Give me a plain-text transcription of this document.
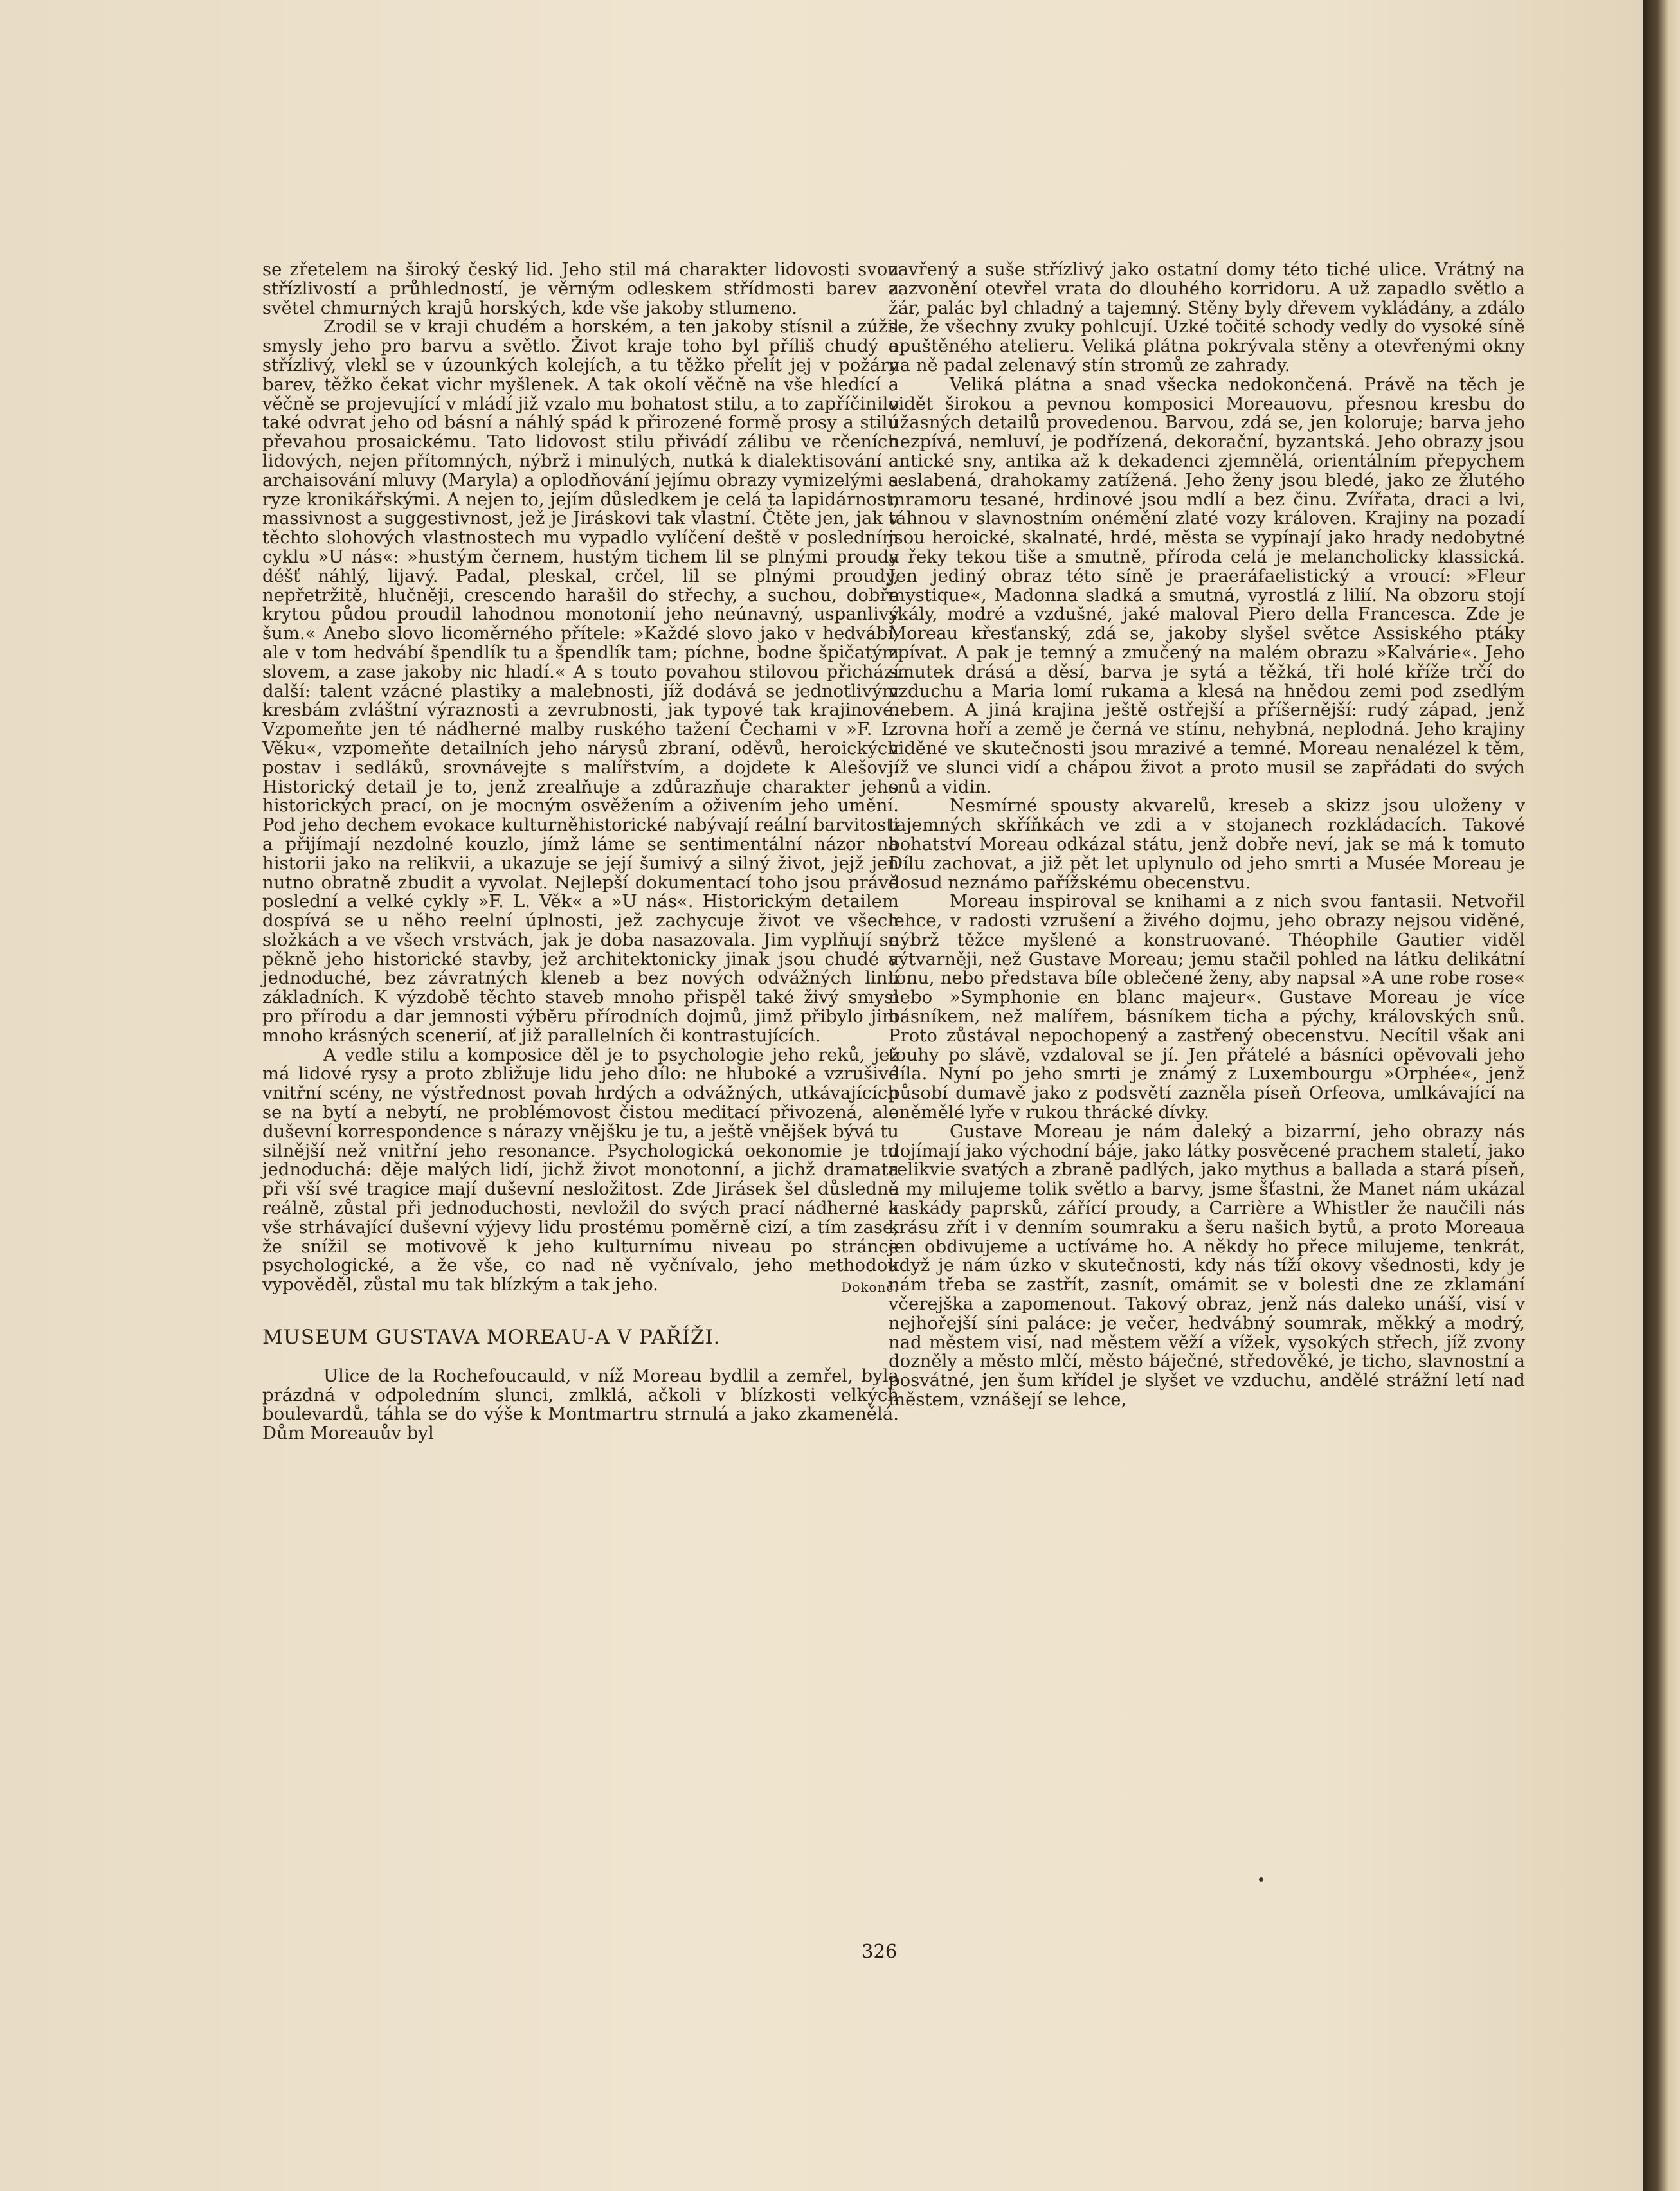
se zřetelem na široký český lid. Jeho stil má charakter lidovosti svou střízlivostí a průhledností, je věrným odleskem střídmosti barev a světel chmurných krajů horských, kde vše jakoby stlumeno.

Zrodil se v kraji chudém a horském, a ten jakoby stísnil a zúžil smysly jeho pro barvu a světlo. Život kraje toho byl příliš chudý a střízlivý, vlekl se v úzounkých kolejích, a tu těžko přelít jej v požáry barev, těžko čekat vichr myšlenek. A tak okolí věčně na vše hledící a věčně se projevující v mládí již vzalo mu bohatost stilu, a to zapříčinilo také odvrat jeho od básní a náhlý spád k přirozené formě prosy a stilu převahou prosaickému. Tato lidovost stilu přivádí zálibu ve rčeních lidových, nejen přítomných, nýbrž i minulých, nutká k dialektisování a archaisování mluvy (Maryla) a oplodňování jejímu obrazy vymizelými a ryze kronikářskými. A nejen to, jejím důsledkem je celá ta lapidárnost, massivnost a suggestivnost, jež je Jiráskovi tak vlastní. Čtěte jen, jak v těchto slohových vlastnostech mu vypadlo vylíčení deště v posledním cyklu »U nás«: »hustým černem, hustým tichem lil se plnými proudy déšť náhlý, lijavý. Padal, pleskal, crčel, lil se plnými proudy, nepřetržitě, hlučněji, crescendo harašil do střechy, a suchou, dobře krytou půdou proudil lahodnou monotonií jeho neúnavný, uspanlivý šum.« Anebo slovo licoměrného přítele: »Každé slovo jako v hedvábí, ale v tom hedvábí špendlík tu a špendlík tam; píchne, bodne špičatým slovem, a zase jakoby nic hladí.« A s touto povahou stilovou přichází další: talent vzácné plastiky a malebnosti, jíž dodává se jednotlivým kresbám zvláštní výraznosti a zevrubnosti, jak typové tak krajinové. Vzpomeňte jen té nádherné malby ruského tažení Čechami v »F. L. Věku«, vzpomeňte detailních jeho nárysů zbraní, oděvů, heroických postav i sedláků, srovnávejte s malířstvím, a dojdete k Alešovi. Historický detail je to, jenž zrealňuje a zdůrazňuje charakter jeho historických prací, on je mocným osvěžením a oživením jeho umění. Pod jeho dechem evokace kulturněhistorické nabývají reální barvitosti a přijímají nezdolné kouzlo, jímž láme se sentimentální názor na historii jako na relikvii, a ukazuje se její šumivý a silný život, jejž jen nutno obratně zbudit a vyvolat. Nejlepší dokumentací toho jsou právě poslední a velké cykly »F. L. Věk« a »U nás«. Historickým detailem dospívá se u něho reelní úplnosti, jež zachycuje život ve všech složkách a ve všech vrstvách, jak je doba nasazovala. Jim vyplňují se pěkně jeho historické stavby, jež architektonicky jinak jsou chudé a jednoduché, bez závratných kleneb a bez nových odvážných linií základních. K výzdobě těchto staveb mnoho přispěl také živý smysl pro přírodu a dar jemnosti výběru přírodních dojmů, jimž přibylo jim mnoho krásných scenerií, ať již parallelních či kontrastujících.

A vedle stilu a komposice děl je to psychologie jeho reků, jež má lidové rysy a proto zbližuje lidu jeho dílo: ne hluboké a vzrušivé vnitřní scény, ne výstřednost povah hrdých a odvážných, utkávajících se na bytí a nebytí, ne problémovost čistou meditací přivozená, ale duševní korrespondence s nárazy vnějšku je tu, a ještě vnějšek bývá tu silnější než vnitřní jeho resonance. Psychologická oekonomie je tu jednoduchá: děje malých lidí, jichž život monotonní, a jichž dramata při vší své tragice mají duševní nesložitost. Zde Jirásek šel důsledně reálně, zůstal při jednoduchosti, nevložil do svých prací nádherné a vše strhávající duševní výjevy lidu prostému poměrně cizí, a tím zase, že snížil se motivově k jeho kulturnímu niveau po stránce psychologické, a že vše, co nad ně vyčnívalo, jeho methodou vypověděl, zůstal mu tak blízkým a tak jeho.	Dokonč.

MUSEUM GUSTAVA MOREAU-A V PAŘÍŽI.

Ulice de la Rochefoucauld, v níž Moreau bydlil a zemřel, byla prázdná v odpoledním slunci, zmlklá, ačkoli v blízkosti velkých boulevardů, táhla se do výše k Montmartru strnulá a jako zkamenělá. Dům Moreauův byl

zavřený a suše střízlivý jako ostatní domy této tiché ulice. Vrátný na zazvonění otevřel vrata do dlouhého korridoru. A už zapadlo světlo a žár, palác byl chladný a tajemný. Stěny byly dřevem vykládány, a zdálo se, že všechny zvuky pohlcují. Úzké točité schody vedly do vysoké síně opuštěného atelieru. Veliká plátna pokrývala stěny a otevřenými okny na ně padal zelenavý stín stromů ze zahrady.

Veliká plátna a snad všecka nedokončená. Právě na těch je vidět širokou a pevnou komposici Moreauovu, přesnou kresbu do úžasných detailů provedenou. Barvou, zdá se, jen koloruje; barva jeho nezpívá, nemluví, je podřízená, dekorační, byzantská. Jeho obrazy jsou antické sny, antika až k dekadenci zjemnělá, orientálním přepychem seslabená, drahokamy zatížená. Jeho ženy jsou bledé, jako ze žlutého mramoru tesané, hrdinové jsou mdlí a bez činu. Zvířata, draci a lvi, táhnou v slavnostním onémění zlaté vozy královen. Krajiny na pozadí jsou heroické, skalnaté, hrdé, města se vypínají jako hrady nedobytné a řeky tekou tiše a smutně, příroda celá je melancholicky klassická. Jen jediný obraz této síně je praeráfaelistický a vroucí: »Fleur mystique«, Madonna sladká a smutná, vyrostlá z lilií. Na obzoru stojí skály, modré a vzdušné, jaké maloval Piero della Francesca. Zde je Moreau křesťanský, zdá se, jakoby slyšel světce Assiského ptáky zpívat. A pak je temný a zmučený na malém obrazu »Kalvárie«. Jeho smutek drásá a děsí, barva je sytá a těžká, tři holé kříže trčí do vzduchu a Maria lomí rukama a klesá na hnědou zemi pod zsedlým nebem. A jiná krajina ještě ostřejší a příšernější: rudý západ, jenž zrovna hoří a země je černá ve stínu, nehybná, neplodná. Jeho krajiny viděné ve skutečnosti jsou mrazivé a temné. Moreau nenalézel k těm, jíž ve slunci vidí a chápou život a proto musil se zapřádati do svých snů a vidin.

Nesmírné spousty akvarelů, kreseb a skizz jsou uloženy v tajemných skříňkách ve zdi a v stojanech rozkládacích. Takové bohatství Moreau odkázal státu, jenž dobře neví, jak se má k tomuto Dílu zachovat, a již pět let uplynulo od jeho smrti a Musée Moreau je dosud neznámo pařížskému obecenstvu.

Moreau inspiroval se knihami a z nich svou fantasii. Netvořil lehce, v radosti vzrušení a živého dojmu, jeho obrazy nejsou viděné, nýbrž těžce myšlené a konstruované. Théophile Gautier viděl výtvarněji, než Gustave Moreau; jemu stačil pohled na látku delikátní tonu, nebo představa bíle oblečené ženy, aby napsal »A une robe rose« nebo »Symphonie en blanc majeur«. Gustave Moreau je více básníkem, než malířem, básníkem ticha a pýchy, královských snů. Proto zůstával nepochopený a zastřený obecenstvu. Necítil však ani touhy po slávě, vzdaloval se jí. Jen přátelé a básníci opěvovali jeho díla. Nyní po jeho smrti je známý z Luxembourgu »Orphée«, jenž působí dumavě jako z podsvětí zazněla píseň Orfeova, umlkávající na oněmělé lyře v rukou thrácké dívky.

Gustave Moreau je nám daleký a bizarrní, jeho obrazy nás dojímají jako východní báje, jako látky posvěcené prachem staletí, jako relikvie svatých a zbraně padlých, jako mythus a ballada a stará píseň, a my milujeme tolik světlo a barvy, jsme šťastni, že Manet nám ukázal kaskády paprsků, zářící proudy, a Carrière a Whistler že naučili nás krásu zřít i v denním soumraku a šeru našich bytů, a proto Moreaua jen obdivujeme a uctíváme ho. A někdy ho přece milujeme, tenkrát, když je nám úzko v skutečnosti, kdy nás tíží okovy všednosti, kdy je nám třeba se zastřít, zasnít, omámit se v bolesti dne ze zklamání včerejška a zapomenout. Takový obraz, jenž nás daleko unáší, visí v nejhořejší síni paláce: je večer, hedvábný soumrak, měkký a modrý, nad městem visí, nad městem věží a vížek, vysokých střech, jíž zvony dozněly a město mlčí, město báječné, středověké, je ticho, slavnostní a posvátné, jen šum křídel je slyšet ve vzduchu, andělé strážní letí nad městem, vznášejí se lehce,

326
